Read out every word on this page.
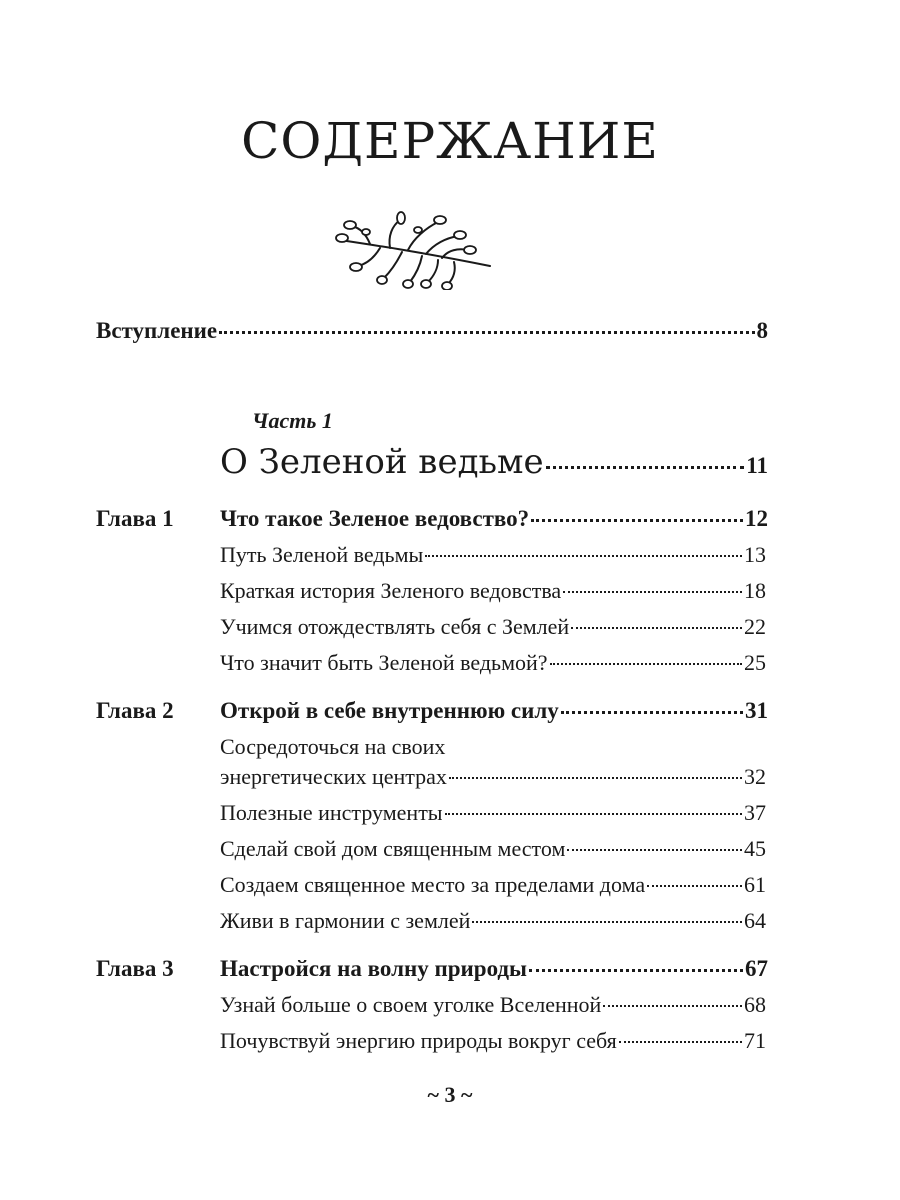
СОДЕРЖАНИЕ
Вступление	8
Часть 1
О Зеленой ведьме	11
Глава 1 Что такое Зеленое ведовство?	12
Путь Зеленой ведьмы	13
Краткая история Зеленого ведовства	18
Учимся отождествлять себя с Землей	22
Что значит быть Зеленой ведьмой?	25
Глава 2 Открой в себе внутреннюю силу	31
Сосредоточься на своих
энергетических центрах	32
Полезные инструменты	37
Сделай свой дом священным местом	45
Создаем священное место за пределами дома	61
Живи в гармонии с землей	64
Глава 3 Настройся на волну природы	67
Узнай больше о своем уголке Вселенной	68
Почувствуй энергию природы вокруг себя	71
~ 3 ~
